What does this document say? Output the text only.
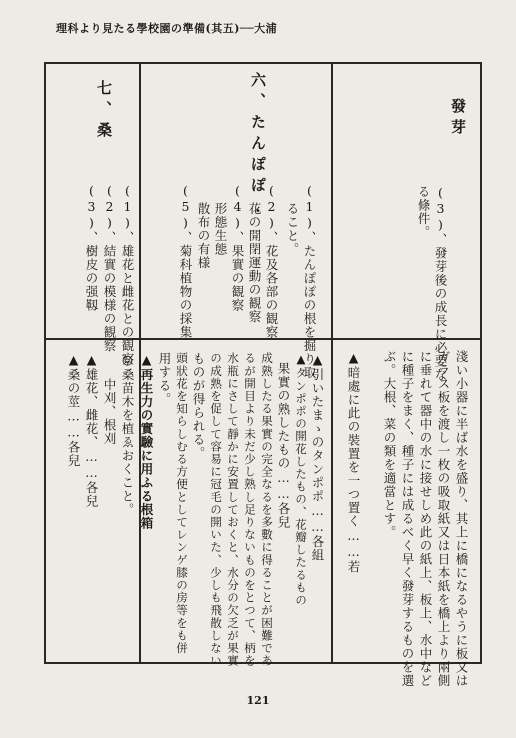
理科より見たる學校園の準備(其五)──大浦
發芽
(3)、發芽後の成長に必要な
る條件。
六、たんぽぽ.
(1)、たんぽぽの根を掘り取
ること。
(2)、花及各部の観察
花の開閉運動の観察
(4)、果實の観察
形態生態
散布の有様
(5)、菊科植物の採集
七、桑
(1)、雄花と雌花との観察
(2)、結實の模様の観察
(3)、樹皮の强靱
淺い小器に半ば水を盛り、其上に橋になるやうに板又は
ガラス板を渡し一枚の吸取紙又は日本紙を橋上より兩側
に垂れて器中の水に接せしめ此の紙上、板上、水中など
に種子をまく、種子には成るべく早く發芽するものを選
ぶ。大根、菜の類を適當とす。
▲暗處に此の裝置を一つ置く……若
▲引いたまゝのタンポポ……各組
▲タンポポの開花したもの、花瓣したるもの
果實の熟したもの……各兒
成熟したる果實の完全なるを多數に得ることが困難であ
るが開目より未だ少し熟し足りないものをとつて、柄を
水瓶にさして靜かに安置しておくと、水分の欠乏が果實
の成熟を促して容易に冠毛の開いた、少しも飛散しない
ものが得られる。
頭狀花を知らしむる方便としてレンゲ膝の房等をも併
用する。
▲再生力の實驗に用ふる根箱
◎桑苗木を植ゑおくこと。
中刈、根刈
▲雄花、雌花、……各兒
▲桑の莖……各兒
121
